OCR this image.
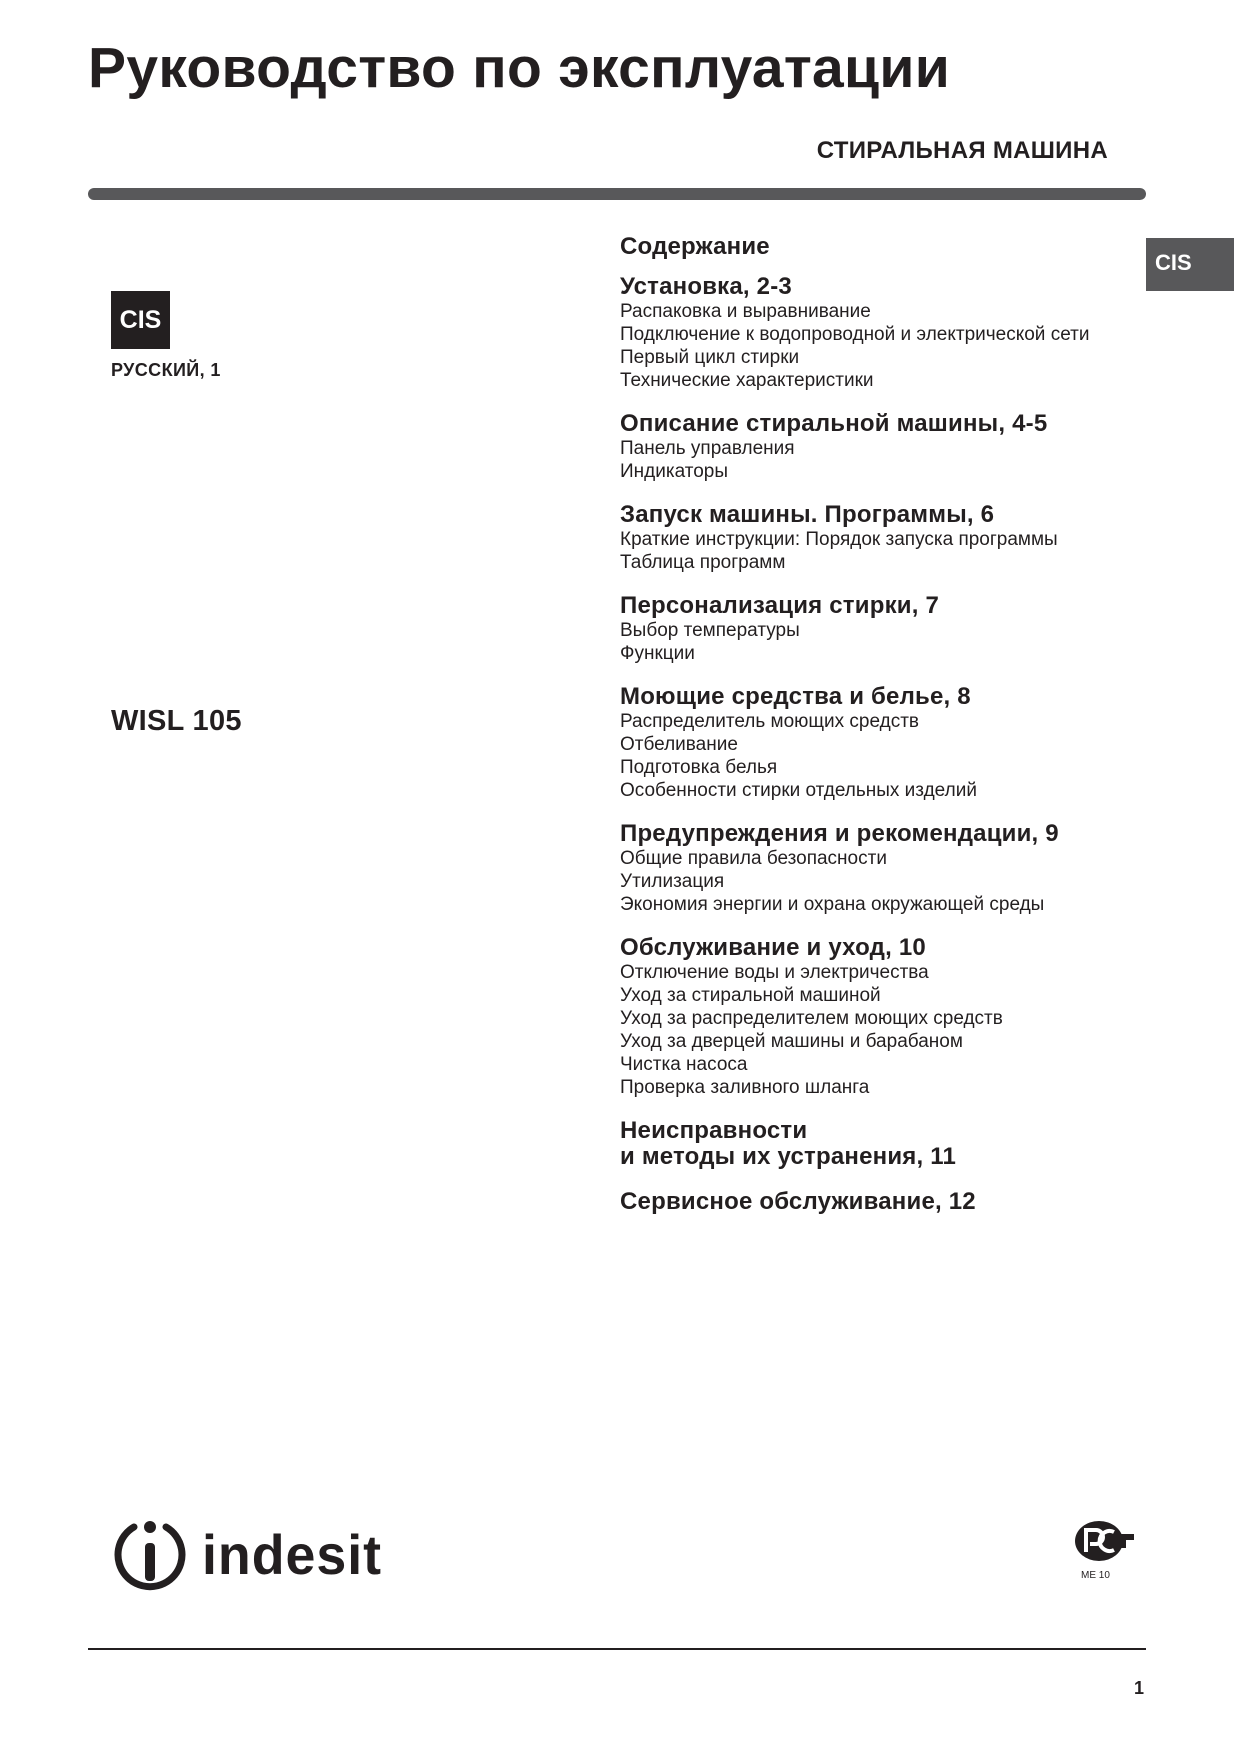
Руководство по эксплуатации
СТИРАЛЬНАЯ МАШИНА
CIS
CIS
РУССКИЙ, 1
WISL 105
Содержание
Установка, 2-3
Распаковка и выравнивание
Подключение к водопроводной и электрической сети
Первый цикл стирки
Технические характеристики
Описание стиральной машины, 4-5
Панель управления
Индикаторы
Запуск машины. Программы, 6
Краткие инструкции: Порядок запуска программы
Таблица программ
Персонализация стирки, 7
Выбор температуры
Функции
Моющие средства и белье, 8
Распределитель моющих средств
Отбеливание
Подготовка белья
Особенности стирки отдельных изделий
Предупреждения и рекомендации, 9
Общие правила безопасности
Утилизация
Экономия энергии и охрана окружающей среды
Обслуживание и уход, 10
Отключение воды и электричества
Уход за стиральной машиной
Уход за распределителем моющих средств
Уход за дверцей машины и барабаном
Чистка насоса
Проверка заливного шланга
Неисправности
и методы их устранения, 11
Сервисное обслуживание, 12
indesit	ME 10
1
